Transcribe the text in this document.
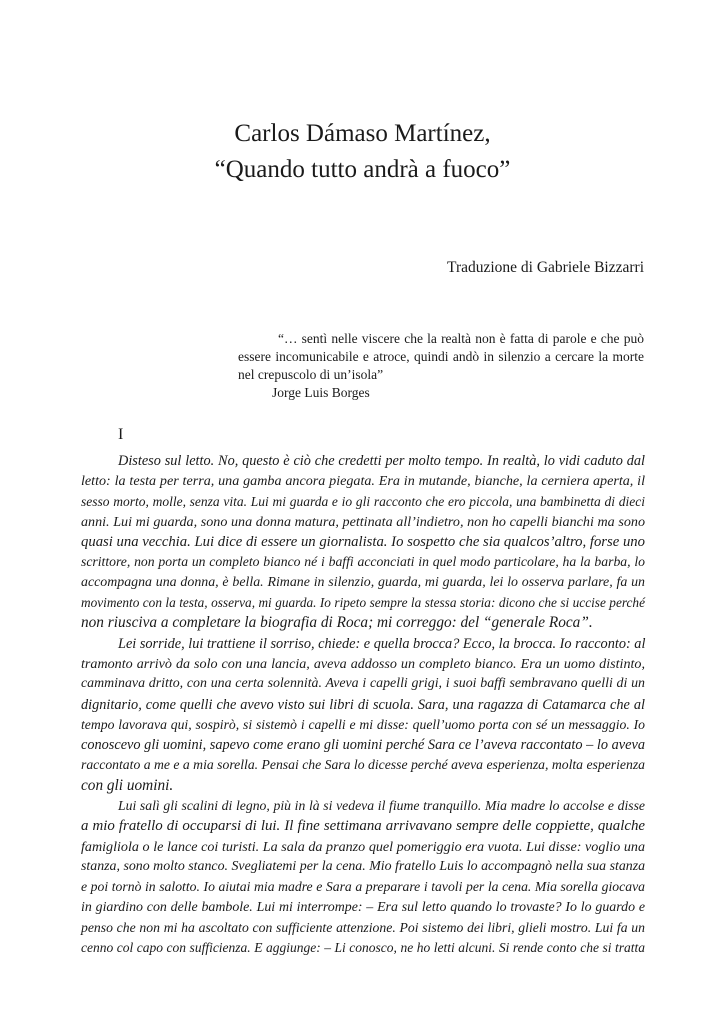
Carlos Dámaso Martínez,
“Quando tutto andrà a fuoco”
Traduzione di Gabriele Bizzarri
“… sentì nelle viscere che la realtà non è fatta di parole e che può
essere incomunicabile e atroce, quindi andò in silenzio a cercare la morte
nel crepuscolo di un’isola”
Jorge Luis Borges
I
Disteso sul letto. No, questo è ciò che credetti per molto tempo. In realtà, lo vidi caduto dal
letto: la testa per terra, una gamba ancora piegata. Era in mutande, bianche, la cerniera aperta, il
sesso morto, molle, senza vita. Lui mi guarda e io gli racconto che ero piccola, una bambinetta di dieci
anni. Lui mi guarda, sono una donna matura, pettinata all’indietro, non ho capelli bianchi ma sono
quasi una vecchia. Lui dice di essere un giornalista. Io sospetto che sia qualcos’altro, forse uno
scrittore, non porta un completo bianco né i baffi acconciati in quel modo particolare, ha la barba, lo
accompagna una donna, è bella. Rimane in silenzio, guarda, mi guarda, lei lo osserva parlare, fa un
movimento con la testa, osserva, mi guarda. Io ripeto sempre la stessa storia: dicono che si uccise perché
non riusciva a completare la biografia di Roca; mi correggo: del “generale Roca”.
Lei sorride, lui trattiene il sorriso, chiede: e quella brocca? Ecco, la brocca. Io racconto: al
tramonto arrivò da solo con una lancia, aveva addosso un completo bianco. Era un uomo distinto,
camminava dritto, con una certa solennità. Aveva i capelli grigi, i suoi baffi sembravano quelli di un
dignitario, come quelli che avevo visto sui libri di scuola. Sara, una ragazza di Catamarca che al
tempo lavorava qui, sospirò, si sistemò i capelli e mi disse: quell’uomo porta con sé un messaggio. Io
conoscevo gli uomini, sapevo come erano gli uomini perché Sara ce l’aveva raccontato – lo aveva
raccontato a me e a mia sorella. Pensai che Sara lo dicesse perché aveva esperienza, molta esperienza
con gli uomini.
Lui salì gli scalini di legno, più in là si vedeva il fiume tranquillo. Mia madre lo accolse e disse
a mio fratello di occuparsi di lui. Il fine settimana arrivavano sempre delle coppiette, qualche
famigliola o le lance coi turisti. La sala da pranzo quel pomeriggio era vuota. Lui disse: voglio una
stanza, sono molto stanco. Svegliatemi per la cena. Mio fratello Luis lo accompagnò nella sua stanza
e poi tornò in salotto. Io aiutai mia madre e Sara a preparare i tavoli per la cena. Mia sorella giocava
in giardino con delle bambole. Lui mi interrompe: – Era sul letto quando lo trovaste? Io lo guardo e
penso che non mi ha ascoltato con sufficiente attenzione. Poi sistemo dei libri, glieli mostro. Lui fa un
cenno col capo con sufficienza. E aggiunge: – Li conosco, ne ho letti alcuni. Si rende conto che si tratta
